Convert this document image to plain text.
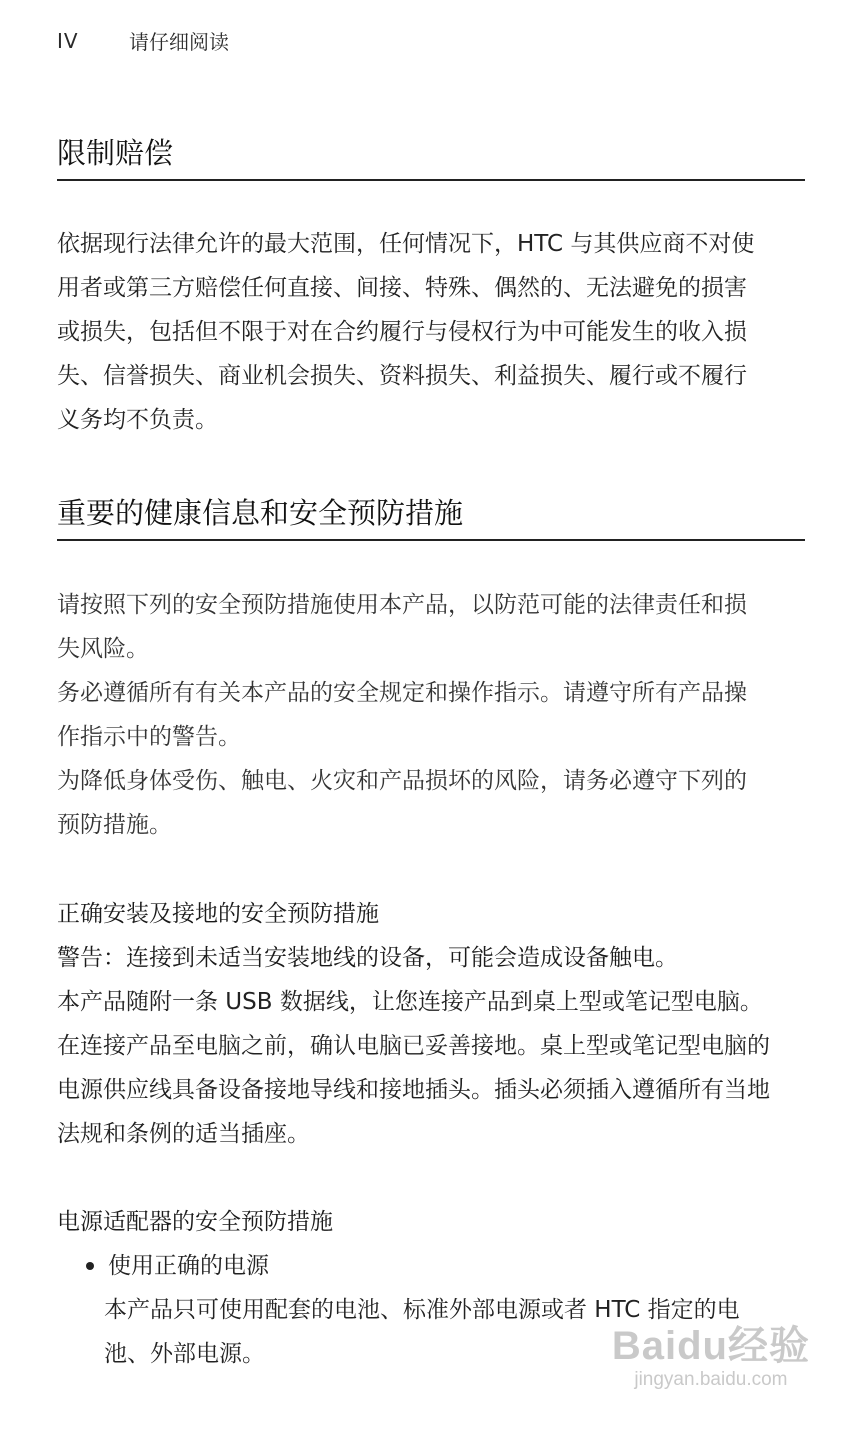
IV	请仔细阅读
限制赔偿

依据现行法律允许的最大范围，任何情况下，HTC 与其供应商不对使

用者或第三方赔偿任何直接、间接、特殊、偶然的、无法避免的损害

或损失，包括但不限于对在合约履行与侵权行为中可能发生的收入损

失、信誉损失、商业机会损失、资料损失、利益损失、履行或不履行

义务均不负责。

重要的健康信息和安全预防措施

请按照下列的安全预防措施使用本产品，以防范可能的法律责任和损

失风险。

务必遵循所有有关本产品的安全规定和操作指示。请遵守所有产品操

作指示中的警告。

为降低身体受伤、触电、火灾和产品损坏的风险，请务必遵守下列的

预防措施。

正确安装及接地的安全预防措施

警告：连接到未适当安装地线的设备，可能会造成设备触电。

本产品随附一条 USB 数据线，让您连接产品到桌上型或笔记型电脑。

在连接产品至电脑之前，确认电脑已妥善接地。桌上型或笔记型电脑的

电源供应线具备设备接地导线和接地插头。插头必须插入遵循所有当地

法规和条例的适当插座。

电源适配器的安全预防措施

使用正确的电源

本产品只可使用配套的电池、标准外部电源或者 HTC 指定的电

池、外部电源。	Baidu经验
jingyan.baidu.com
